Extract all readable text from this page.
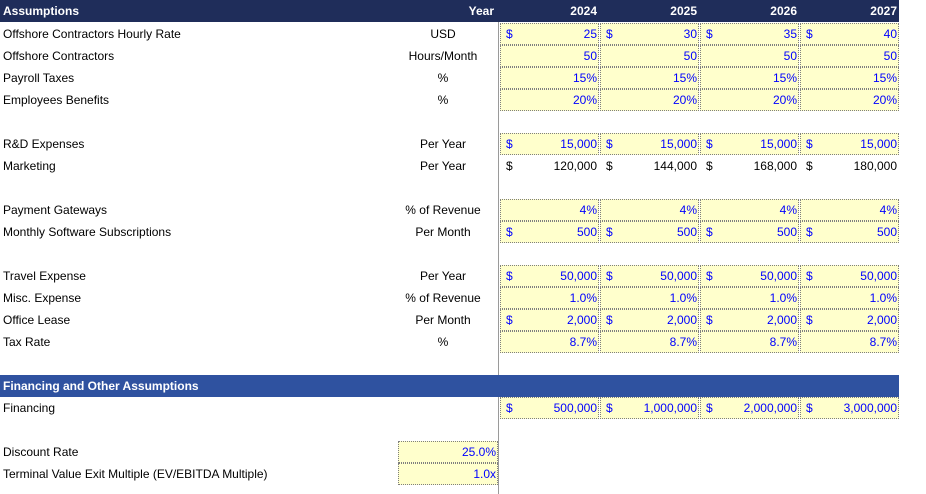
Assumptions	Year	2024	2025	2026	2027
Offshore Contractors Hourly Rate	USD	$	25 $	30 $	35 $	40
Offshore Contractors	Hours/Month	50	50	50	50
Payroll Taxes	%	15%	15%	15%	15%
Employees Benefits	%	20%	20%	20%	20%
R&D Expenses	Per Year	$	15,000 $	15,000 $	15,000 $	15,000
Marketing	Per Year	$	120,000 $	144,000 $	168,000 $	180,000
Payment Gateways	% of Revenue	4%	4%	4%	4%
Monthly Software Subscriptions	Per Month	$	500 $	500 $	500 $	500
Travel Expense	Per Year	$	50,000 $	50,000 $	50,000 $	50,000
Misc. Expense	% of Revenue	1.0%	1.0%	1.0%	1.0%
Office Lease	Per Month	$	2,000 $	2,000 $	2,000 $	2,000
Tax Rate	%	8.7%	8.7%	8.7%	8.7%
Financing and Other Assumptions
Financing	$	500,000 $	1,000,000 $	2,000,000 $	3,000,000
Discount Rate	25.0%
Terminal Value Exit Multiple (EV/EBITDA Multiple)	1.0x
